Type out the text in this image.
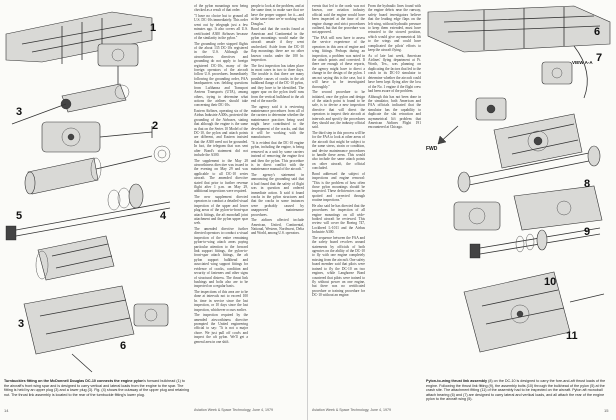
1
2
3
4
5
6
3

of the pylon mountings now being checked as a result of that order.

"I have no choice but to ground all U.S. DC-10s immediately. This order went out by telegraph just a few minutes ago. It also covers all U.S. certificated A300 Airbuses because of the similarity in the pylon."

The grounding order stopped flights of the about 135 DC-10s registered in the U.S. Although the airworthiness directives and grounding do not apply to foreign registered DC-10s, many of the foreign operators of the aircraft follow U.S. procedures. Immediately following the grounding order, FAA headquarters was fielding questions from Lufthansa and Transport Aeriens Transports (UTA), among others, trying to determine what actions the airlines should take concerning their DC-10s.

Eastern Airlines, operating six of the Airbus Industrie A300s, protested the grounding of the Airbuses, stating that although the engine is the same as that on the Series 10 Model of the DC-10, the pylon and attach points are different, and Eastern insisted that the A300 need not be grounded. In fact, the telegram that was sent after Bond's statement did not include the A300.

The supplement to the May 28 airworthiness directive was issued in the evening on May 29 and was applicable to all DC-10 series aircraft. The amended directive stated that prior to further revenue flight after 1 p.m. on May 29, additional inspections were required.

The new supplement directed operators to conduct a detailed visual inspection of the upper and lower plug areas of the pylon-to-front-spar attach fittings, the aft monoball joint attachment and the pylon upper spar web.

The amended directive further directed operators to conduct a visual inspection of the entire remaining pylon-to-wing attach areas paying particular attention to the forward link support fittings, the pylon-to-front-spar attach fittings, the aft pylon support bulkhead and associated wing support fittings for evidence of cracks, condition and security of fasteners and other signs of structural distress. The thrust link bushings and bolts also are to be inspected on a regular basis.

The inspections of this area are to be done at intervals not to exceed 100 hr. time in service since the last inspection, or 10 days since the last inspection, whichever occurs earlier.

The inspection required by the amended airworthiness directive prompted the United engineering official to say: "It is not a major chore. We just pull off cowls and inspect the aft pylon. We'll get a general area in one shift.

people to look at the problem, and at the same time, to make sure that we have the proper support for it—and at the same time we're working with Douglas."

Bond said that the cracks found at American and Continental in the pylon mountings would make the aircraft unsafe if they went unchecked. Aside from the DC-10 flap mountings there are no other known cracks under the 100 hr. inspection.

The first inspection has taken place in most cases in two to three days. The trouble is that there are many possible causes of cracks in the aft bulkhead flange of the DC-10 pylon, and they have to be identified. The upper spar on the pylon itself runs from the vertical bulkhead to the aft end of the nacelle.

The agency said it is reviewing maintenance procedures from all of the carriers to determine whether the maintenance practices being used might have contributed to the development of the cracks, and that it will be working with the manufacturer.

"It is evident that the DC-10 engine pylon, including the engine, is being removed as a unit by some carriers instead of removing the engine first and then the pylon. This procedure is in direct conflict with the maintenance manual of the aircraft."

The agency's statement in announcing the grounding said that it had found that the safety of flight was in question and ordered immediate action. It said it found cracks in the pylon structures and that the cracks in some instances were probably caused by unapproved maintenance procedures.

The airlines affected include American, United, Continental, National, Western, Northwest, Delta and World, among U.S. operators.

Turnbuckles fitting on the McDonnell Douglas DC-10 connects the engine pylon's forward bulkhead (1) to the aircraft's front wing spar and is designed to carry vertical and lateral loads from the engine to the spar. The fitting is held by an upper plug (3) and a lower plug (3). Fig. (4) shows the cutaway of the upper plug and retaining nut. The thrust link assembly is located to the rear of the turnbuckle fitting's lower plug.
14	Aviation Week & Space Technology, June 4, 1979

events that led to the crash was not known, one aviation industry official said the engine would have been inspected at the time of the engine change and strict procedures outlined, but that the procedure was not approved.

"The FAA will now have to assess the service experience of the operators in this area of engine and wing fittings. Perhaps during an inspection, a problem was noted in the attach points and corrected. If there are enough of these reports, the agency might have to direct a change in the design of the pylon. I am not saying this is the case, but it will have to be investigated thoroughly."

The second procedure to be initiated, once the pylon and design of the attach point is found to be safe, is to devise a new inspection directive that will direct the operators to inspect their aircraft at intervals and specify the procedures they should use, the industry official said.

The third step in this process will be for the FAA to look at other areas of the aircraft that might be subject to the same stress, strain or condition, and devise maintenance procedures to handle these areas. This would also include the same attach points on other aircraft, the official concluded.

Bond addressed the subject of inspections and engine removal: "This is the problem of how often those pylon mountings should be inspected. These deficiencies can be spotted and corrected through routine inspections."

He also said he has directed that the procedures for inspection of all engine mountings on all wide-bodied aircraft be reviewed. This review will cover the Boeing 747, Lockheed L-1011 and the Airbus Industrie A300.

The sequence between the FAA and the safety board revolves around statements by officials of both agencies on the ability of the DC-10 to fly with one engine completely missing from the aircraft. One safety board member said that pilots were trained to fly the DC-10 on two engines, while Langhorne Bond countered that pilots were trained to fly without power on one engine, but there was no certificated procedure or training procedure for DC-10 without an engine.

From the hydraulic lines found with the engine debris near the runway, safety board investigators believe that the leading edge flaps on the left wing, without hydraulic pressure to keep them extended, must have retracted to the stowed position, which would give asymmetrical lift to the wings and could have complicated the pilots' efforts to keep the aircraft flying.

As of late last week, American Airlines' flying department at Ft. Worth, Tex., was planning on duplicating the factors that led to the crash in its DC-10 simulator to determine whether the aircraft could have been kept flying after the loss of the No. 1 engine if the flight crew had been aware of the problem.

Although this has not been done in the simulator, both American and FAA officials indicated that the simulator has the capability to duplicate the slat retraction and asymmetrical lift problem that American Airlines Flight 191 encountered at Chicago.

6
7
8
9
10
11
VIEW A-A
FWD
Pylon-to-wing thrust link assembly (8) on the DC-10 is designed to carry the fore-and-aft thrust loads of the engine. Following the thrust link fitting (9), the assembly bolts (10) through the bulkhead of the pylon (5) at the crash site. The attachment fitting (11) of the assembly had to be inspected on the aircraft. Pylon aft monoball attach bearing (6) and (7) are designed to carry lateral and vertical loads, and all attach the rear of the engine pylon to the aircraft wing (5).
Aviation Week & Space Technology, June 4, 1979	15
